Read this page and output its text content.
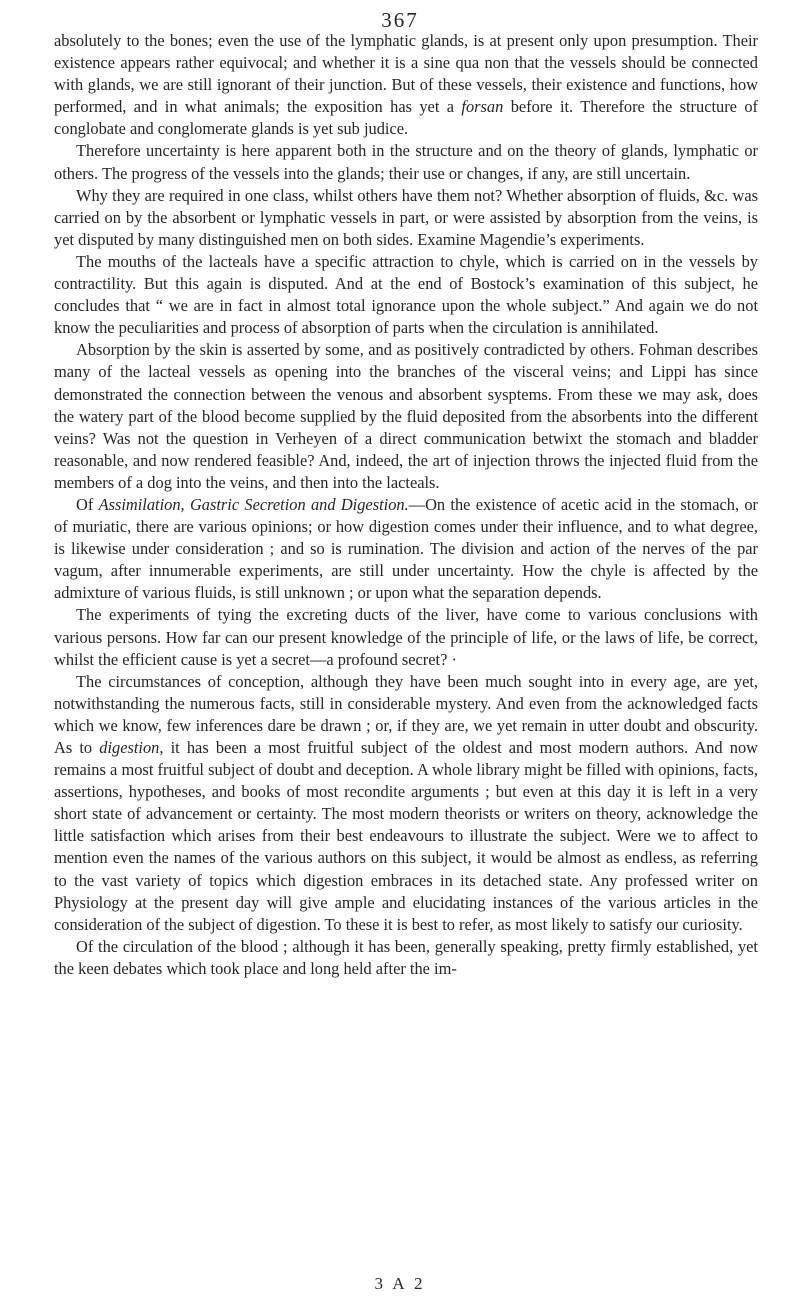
367

absolutely to the bones; even the use of the lymphatic glands, is at present only upon presumption. Their existence appears rather equivocal; and whether it is a sine qua non that the vessels should be connected with glands, we are still ignorant of their junction. But of these vessels, their existence and functions, how performed, and in what animals; the exposition has yet a forsan before it. Therefore the structure of conglobate and conglomerate glands is yet sub judice.

Therefore uncertainty is here apparent both in the structure and on the theory of glands, lymphatic or others. The progress of the vessels into the glands; their use or changes, if any, are still uncertain.

Why they are required in one class, whilst others have them not? Whether absorption of fluids, &c. was carried on by the absorbent or lymphatic vessels in part, or were assisted by absorption from the veins, is yet disputed by many distinguished men on both sides. Examine Magendie’s experiments.

The mouths of the lacteals have a specific attraction to chyle, which is carried on in the vessels by contractility. But this again is disputed. And at the end of Bostock’s examination of this subject, he concludes that “ we are in fact in almost total ignorance upon the whole subject.” And again we do not know the peculiarities and process of absorption of parts when the circulation is annihilated.

Absorption by the skin is asserted by some, and as positively contradicted by others. Fohman describes many of the lacteal vessels as opening into the branches of the visceral veins; and Lippi has since demonstrated the connection between the venous and absorbent sysptems. From these we may ask, does the watery part of the blood become supplied by the fluid deposited from the absorbents into the different veins? Was not the question in Verheyen of a direct communication betwixt the stomach and bladder reasonable, and now rendered feasible? And, indeed, the art of injection throws the injected fluid from the members of a dog into the veins, and then into the lacteals.

Of Assimilation, Gastric Secretion and Digestion.—On the existence of acetic acid in the stomach, or of muriatic, there are various opinions; or how digestion comes under their influence, and to what degree, is likewise under consideration ; and so is rumination. The division and action of the nerves of the par vagum, after innumerable experiments, are still under uncertainty. How the chyle is affected by the admixture of various fluids, is still unknown ; or upon what the separation depends.

The experiments of tying the excreting ducts of the liver, have come to various conclusions with various persons. How far can our present knowledge of the principle of life, or the laws of life, be correct, whilst the efficient cause is yet a secret—a profound secret? ·

The circumstances of conception, although they have been much sought into in every age, are yet, notwithstanding the numerous facts, still in considerable mystery. And even from the acknowledged facts which we know, few inferences dare be drawn ; or, if they are, we yet remain in utter doubt and obscurity. As to digestion, it has been a most fruitful subject of the oldest and most modern authors. And now remains a most fruitful subject of doubt and deception. A whole library might be filled with opinions, facts, assertions, hypotheses, and books of most recondite arguments ; but even at this day it is left in a very short state of advancement or certainty. The most modern theorists or writers on theory, acknowledge the little satisfaction which arises from their best endeavours to illustrate the subject. Were we to affect to mention even the names of the various authors on this subject, it would be almost as endless, as referring to the vast variety of topics which digestion embraces in its detached state. Any professed writer on Physiology at the present day will give ample and elucidating instances of the various articles in the consideration of the subject of digestion. To these it is best to refer, as most likely to satisfy our curiosity.

Of the circulation of the blood ; although it has been, generally speaking, pretty firmly established, yet the keen debates which took place and long held after the im-

3 A 2
